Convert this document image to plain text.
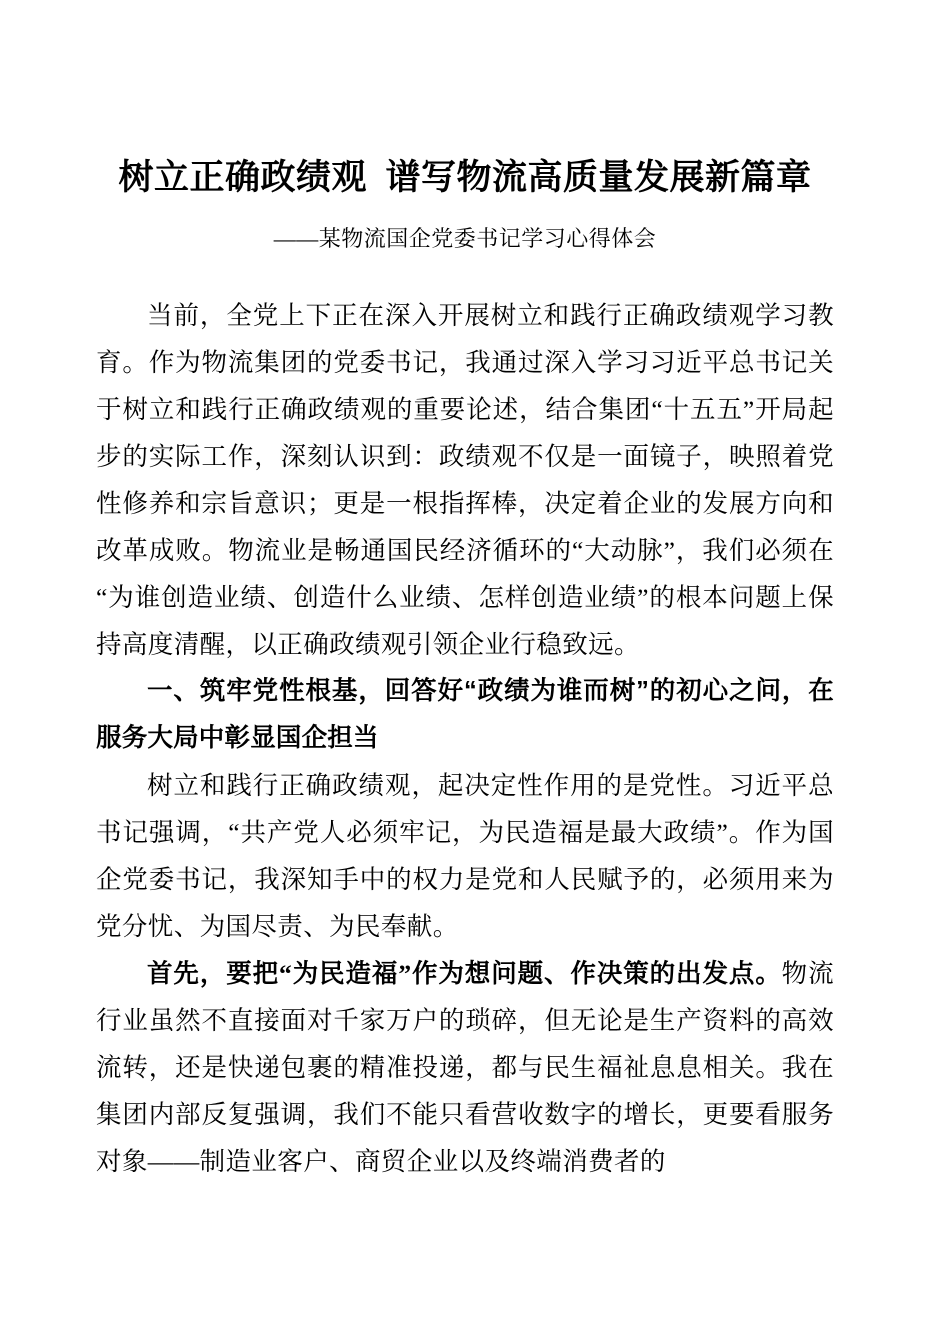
树立正确政绩观  谱写物流高质量发展新篇章

——某物流国企党委书记学习心得体会

当前，全党上下正在深入开展树立和践行正确政绩观学习教育。作为物流集团的党委书记，我通过深入学习习近平总书记关于树立和践行正确政绩观的重要论述，结合集团“十五五”开局起步的实际工作，深刻认识到：政绩观不仅是一面镜子，映照着党性修养和宗旨意识；更是一根指挥棒，决定着企业的发展方向和改革成败。物流业是畅通国民经济循环的“大动脉”，我们必须在“为谁创造业绩、创造什么业绩、怎样创造业绩”的根本问题上保持高度清醒，以正确政绩观引领企业行稳致远。

一、筑牢党性根基，回答好“政绩为谁而树”的初心之问，在服务大局中彰显国企担当

树立和践行正确政绩观，起决定性作用的是党性。习近平总书记强调，“共产党人必须牢记，为民造福是最大政绩”。作为国企党委书记，我深知手中的权力是党和人民赋予的，必须用来为党分忧、为国尽责、为民奉献。

首先，要把“为民造福”作为想问题、作决策的出发点。物流行业虽然不直接面对千家万户的琐碎，但无论是生产资料的高效流转，还是快递包裹的精准投递，都与民生福祉息息相关。我在集团内部反复强调，我们不能只看营收数字的增长，更要看服务对象——制造业客户、商贸企业以及终端消费者的
